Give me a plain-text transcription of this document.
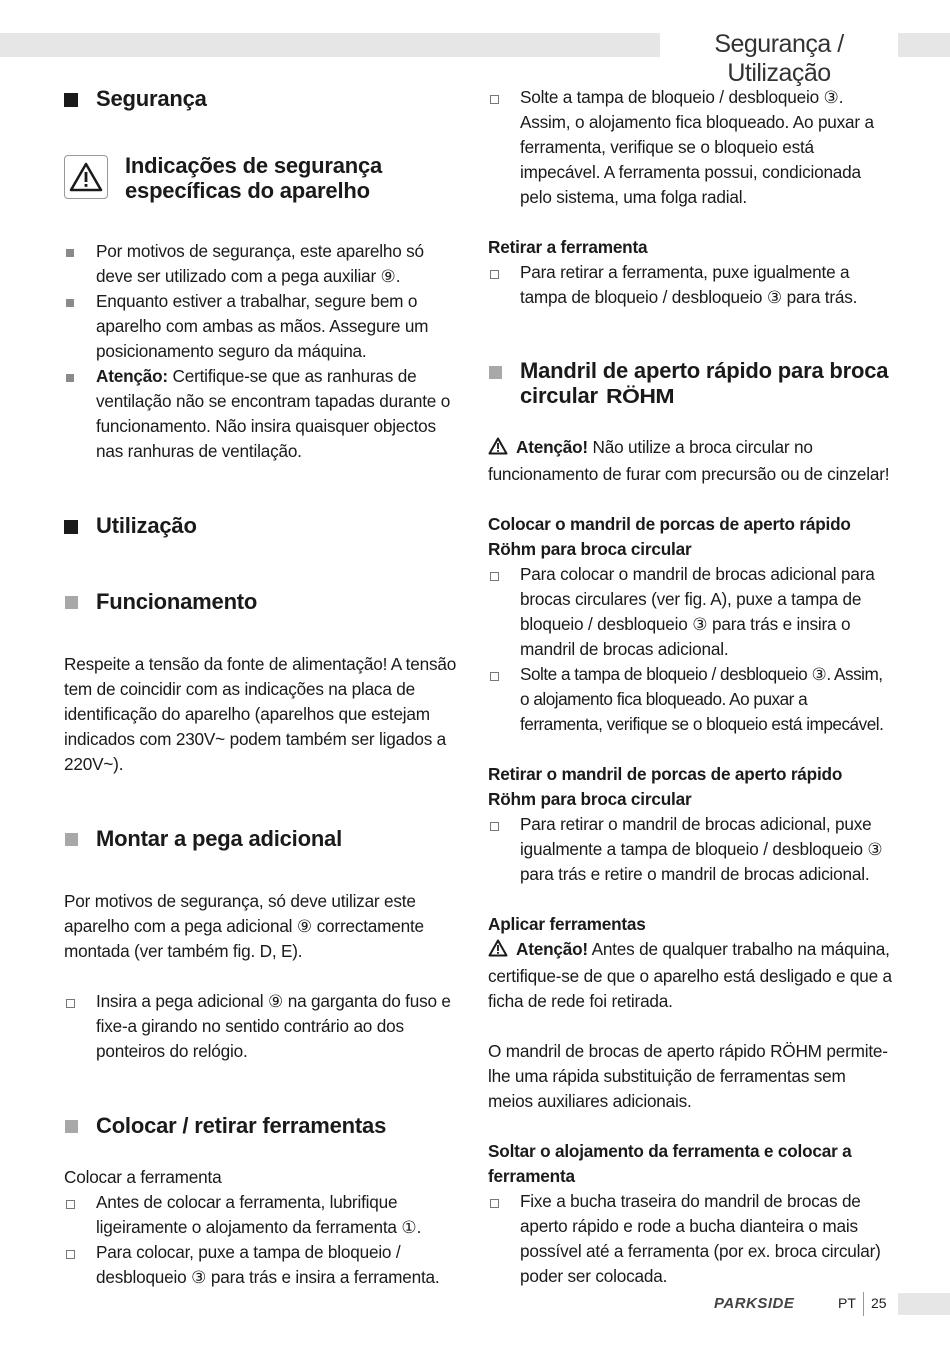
Segurança / Utilização
Segurança
Indicações de segurança específicas do aparelho
Por motivos de segurança, este aparelho só deve ser utilizado com a pega auxiliar ⑨.
Enquanto estiver a trabalhar, segure bem o aparelho com ambas as mãos. Assegure um posicionamento seguro da máquina.
Atenção: Certifique-se que as ranhuras de ventilação não se encontram tapadas durante o funcionamento. Não insira quaisquer objectos nas ranhuras de ventilação.
Utilização
Funcionamento

Respeite a tensão da fonte de alimentação! A tensão tem de coincidir com as indicações na placa de identificação do aparelho (aparelhos que estejam indicados com 230V~ podem também ser ligados a 220V~).

Montar a pega adicional

Por motivos de segurança, só deve utilizar este aparelho com a pega adicional ⑨ correctamente montada (ver também fig. D, E).

Insira a pega adicional ⑨ na garganta do fuso e fixe-a girando no sentido contrário ao dos ponteiros do relógio.
Colocar / retirar ferramentas

Colocar a ferramenta

Antes de colocar a ferramenta, lubrifique ligeiramente o alojamento da ferramenta ①.
Para colocar, puxe a tampa de bloqueio / desbloqueio ③ para trás e insira a ferramenta.
Solte a tampa de bloqueio / desbloqueio ③. Assim, o alojamento fica bloqueado. Ao puxar a ferramenta, verifique se o bloqueio está impecável. A ferramenta possui, condicionada pelo sistema, uma folga radial.

Retirar a ferramenta

Para retirar a ferramenta, puxe igualmente a tampa de bloqueio / desbloqueio ③ para trás.
Mandril de aperto rápido para broca circular RÖHM

Atenção! Não utilize a broca circular no funcionamento de furar com precursão ou de cinzelar!

Colocar o mandril de porcas de aperto rápido Röhm para broca circular

Para colocar o mandril de brocas adicional para brocas circulares (ver fig. A), puxe a tampa de bloqueio / desbloqueio ③ para trás e insira o mandril de brocas adicional.
Solte a tampa de bloqueio / desbloqueio ③. Assim, o alojamento fica bloqueado. Ao puxar a ferramenta, verifique se o bloqueio está impecável.

Retirar o mandril de porcas de aperto rápido Röhm para broca circular

Para retirar o mandril de brocas adicional, puxe igualmente a tampa de bloqueio / desbloqueio ③ para trás e retire o mandril de brocas adicional.

Aplicar ferramentas

Atenção! Antes de qualquer trabalho na máquina, certifique-se de que o aparelho está desligado e que a ficha de rede foi retirada.

O mandril de brocas de aperto rápido RÖHM permite-lhe uma rápida substituição de ferramentas sem meios auxiliares adicionais.

Soltar o alojamento da ferramenta e colocar a ferramenta

Fixe a bucha traseira do mandril de brocas de aperto rápido e rode a bucha dianteira o mais possível até a ferramenta (por ex. broca circular) poder ser colocada.
PARKSIDE	PT 25
